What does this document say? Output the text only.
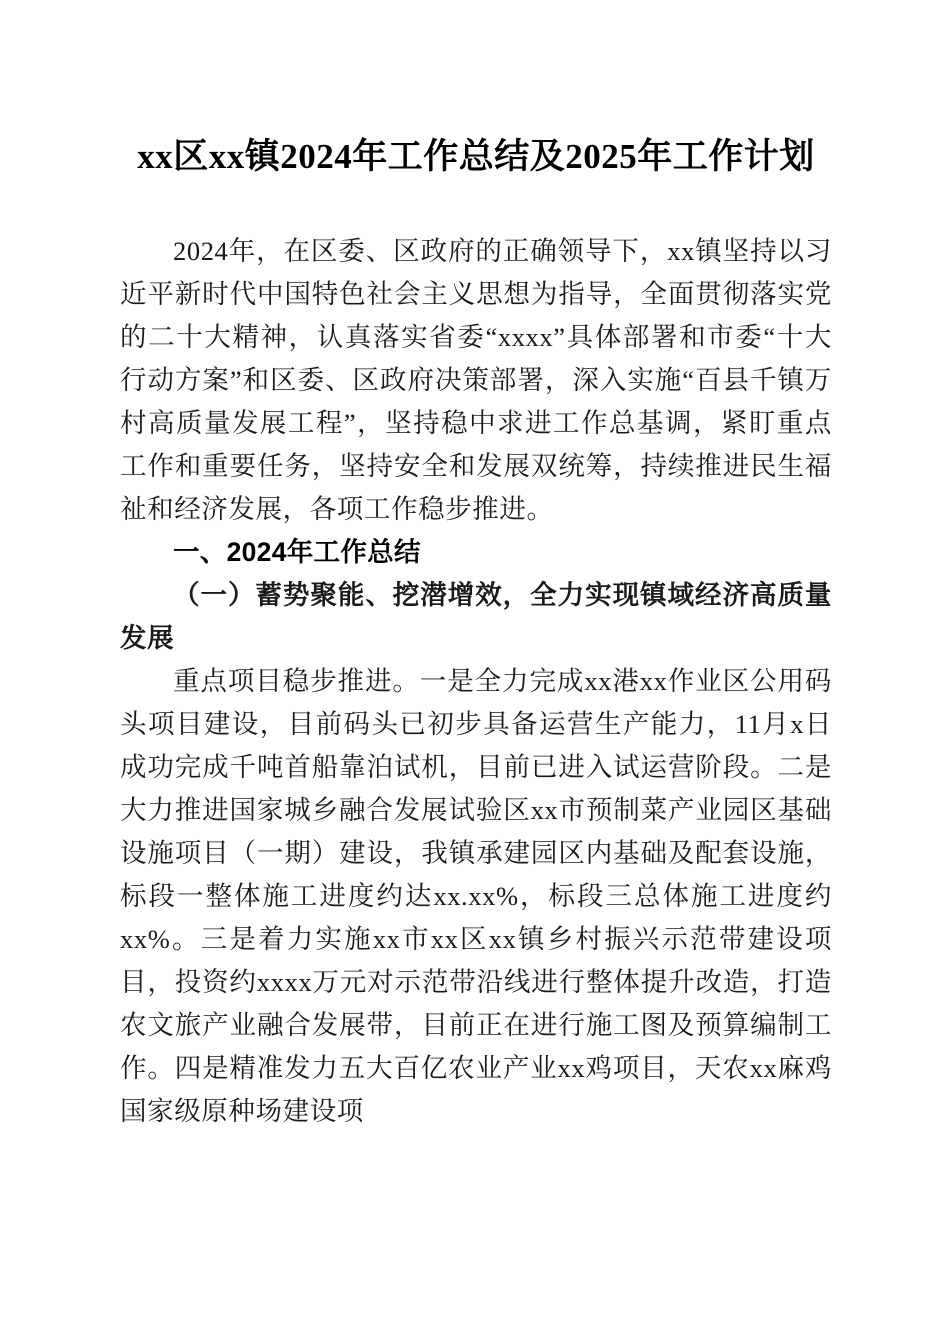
xx区xx镇2024年工作总结及2025年工作计划

2024年，在区委、区政府的正确领导下，xx镇坚持以习近平新时代中国特色社会主义思想为指导，全面贯彻落实党的二十大精神，认真落实省委“xxxx”具体部署和市委“十大行动方案”和区委、区政府决策部署，深入实施“百县千镇万村高质量发展工程”，坚持稳中求进工作总基调，紧盯重点工作和重要任务，坚持安全和发展双统筹，持续推进民生福祉和经济发展，各项工作稳步推进。

一、2024年工作总结
（一）蓄势聚能、挖潜增效，全力实现镇域经济高质量发展

重点项目稳步推进。一是全力完成xx港xx作业区公用码头项目建设，目前码头已初步具备运营生产能力，11月x日成功完成千吨首船靠泊试机，目前已进入试运营阶段。二是大力推进国家城乡融合发展试验区xx市预制菜产业园区基础设施项目（一期）建设，我镇承建园区内基础及配套设施，标段一整体施工进度约达xx.xx%，标段三总体施工进度约xx%。三是着力实施xx市xx区xx镇乡村振兴示范带建设项目，投资约xxxx万元对示范带沿线进行整体提升改造，打造农文旅产业融合发展带，目前正在进行施工图及预算编制工作。四是精准发力五大百亿农业产业xx鸡项目，天农xx麻鸡国家级原种场建设项
